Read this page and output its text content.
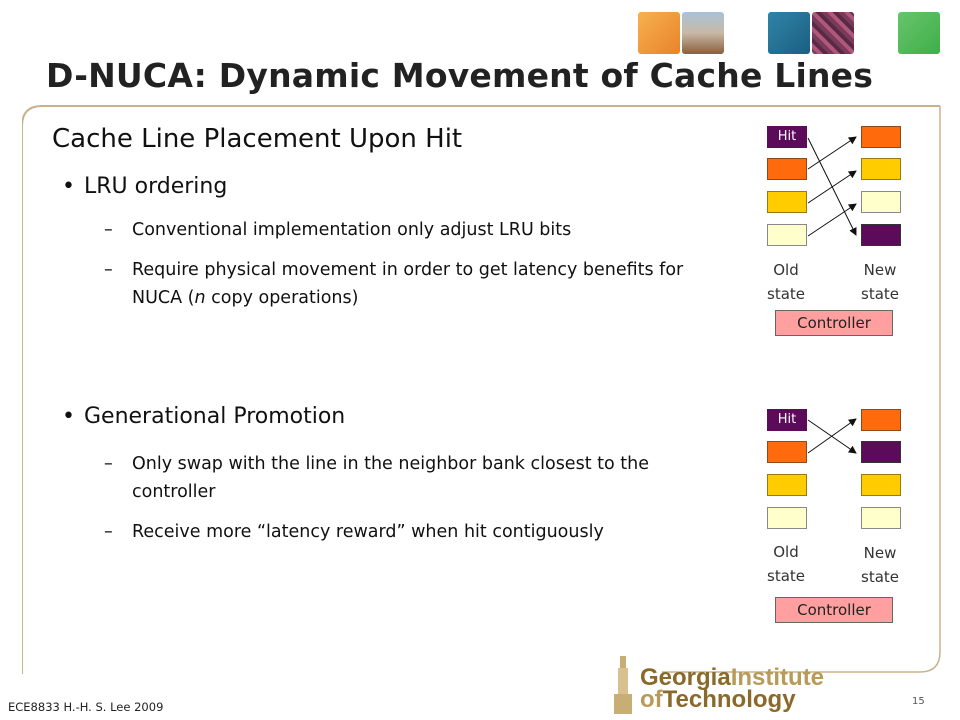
D-NUCA: Dynamic Movement of Cache Lines
Cache Line Placement Upon Hit
• LRU ordering
–	Conventional implementation only adjust LRU bits
–	Require physical movement in order to get latency benefits for NUCA (n copy operations)
• Generational Promotion
–	Only swap with the line in the neighbor bank closest to the controller
–	Receive more “latency reward” when hit contiguously
Hit
Old
state
New
state
Controller
Hit
Old
state
New
state
Controller
GeorgiaInstitute
ofTechnology
ECE8833 H.-H. S. Lee 2009	15
